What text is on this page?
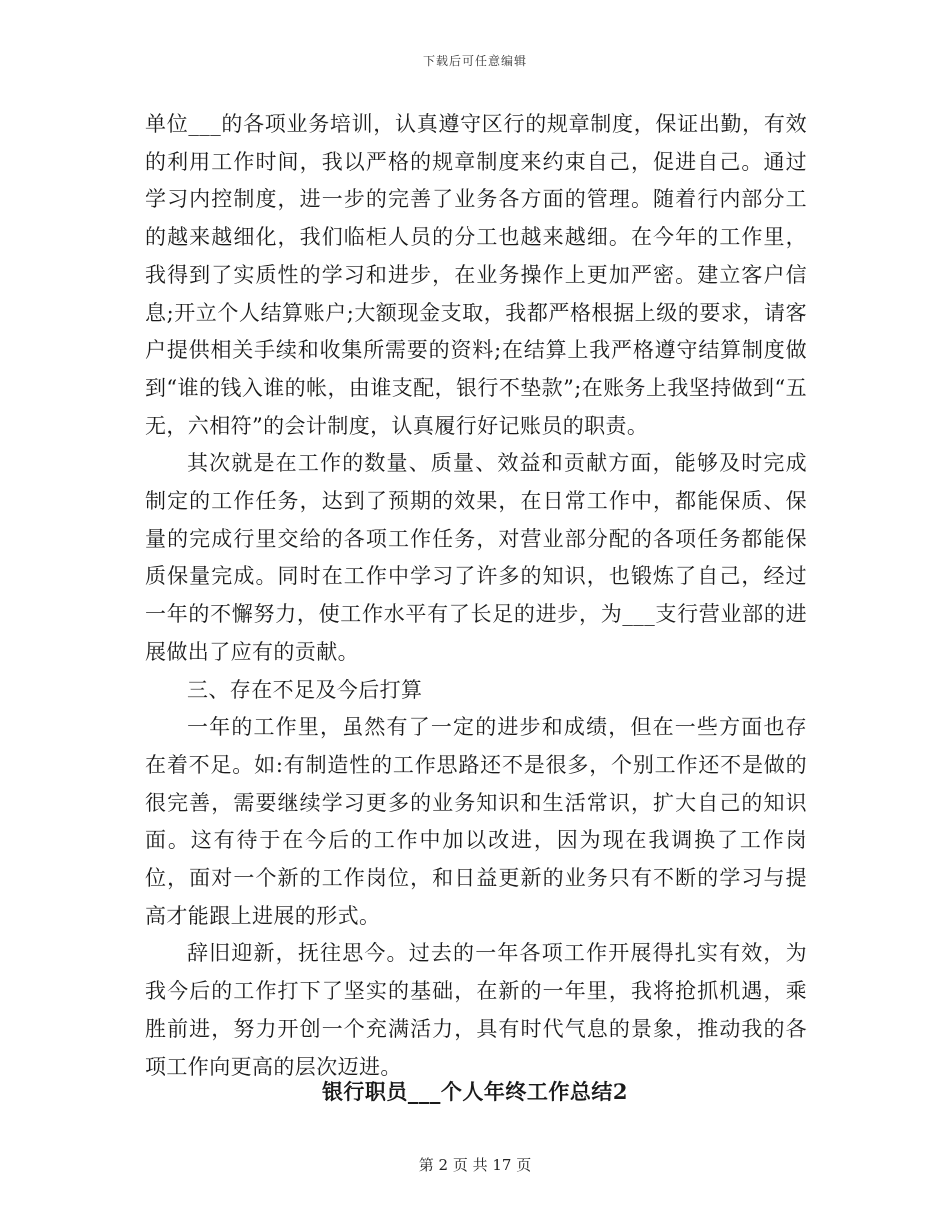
下载后可任意编辑

单位___的各项业务培训，认真遵守区行的规章制度，保证出勤，有效的利用工作时间，我以严格的规章制度来约束自己，促进自己。通过学习内控制度，进一步的完善了业务各方面的管理。随着行内部分工的越来越细化，我们临柜人员的分工也越来越细。在今年的工作里，我得到了实质性的学习和进步，在业务操作上更加严密。建立客户信息;开立个人结算账户;大额现金支取，我都严格根据上级的要求，请客户提供相关手续和收集所需要的资料;在结算上我严格遵守结算制度做到“谁的钱入谁的帐，由谁支配，银行不垫款”;在账务上我坚持做到“五无，六相符”的会计制度，认真履行好记账员的职责。

其次就是在工作的数量、质量、效益和贡献方面，能够及时完成制定的工作任务，达到了预期的效果，在日常工作中，都能保质、保量的完成行里交给的各项工作任务，对营业部分配的各项任务都能保质保量完成。同时在工作中学习了许多的知识，也锻炼了自己，经过一年的不懈努力，使工作水平有了长足的进步，为___支行营业部的进展做出了应有的贡献。

三、存在不足及今后打算

一年的工作里，虽然有了一定的进步和成绩，但在一些方面也存在着不足。如:有制造性的工作思路还不是很多，个别工作还不是做的很完善，需要继续学习更多的业务知识和生活常识，扩大自己的知识面。这有待于在今后的工作中加以改进，因为现在我调换了工作岗位，面对一个新的工作岗位，和日益更新的业务只有不断的学习与提高才能跟上进展的形式。

辞旧迎新，抚往思今。过去的一年各项工作开展得扎实有效，为我今后的工作打下了坚实的基础，在新的一年里，我将抢抓机遇，乘胜前进，努力开创一个充满活力，具有时代气息的景象，推动我的各项工作向更高的层次迈进。

银行职员___个人年终工作总结2
第 2 页 共 17 页
